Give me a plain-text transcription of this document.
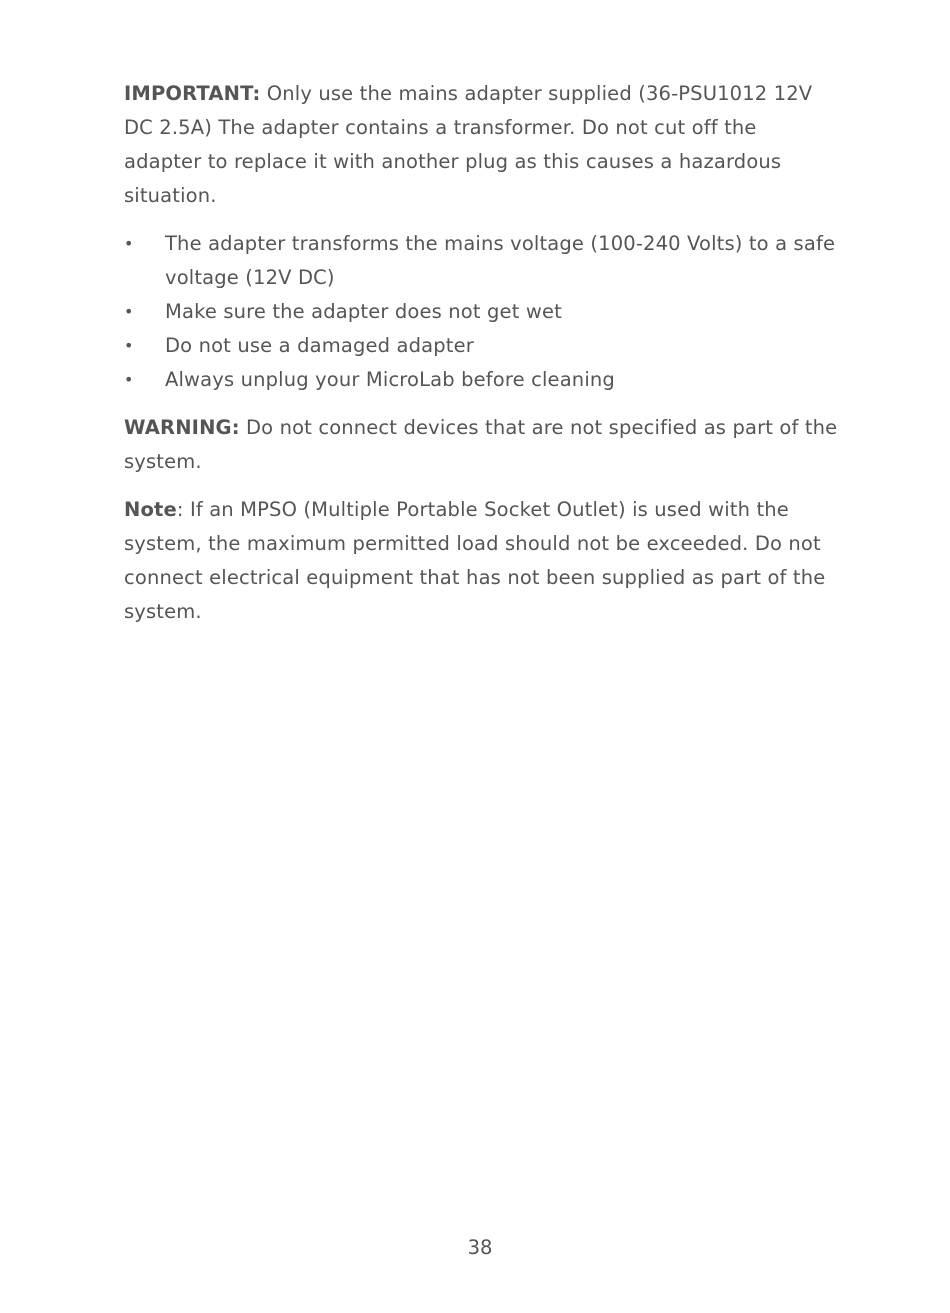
IMPORTANT: Only use the mains adapter supplied (36-PSU1012 12V DC 2.5A) The adapter contains a transformer. Do not cut off the adapter to replace it with another plug as this causes a hazardous situation.

• The adapter transforms the mains voltage (100-240 Volts) to a safe voltage (12V DC)
• Make sure the adapter does not get wet
• Do not use a damaged adapter
• Always unplug your MicroLab before cleaning

WARNING: Do not connect devices that are not specified as part of the system.

Note: If an MPSO (Multiple Portable Socket Outlet) is used with the system, the maximum permitted load should not be exceeded. Do not connect electrical equipment that has not been supplied as part of the system.

38
